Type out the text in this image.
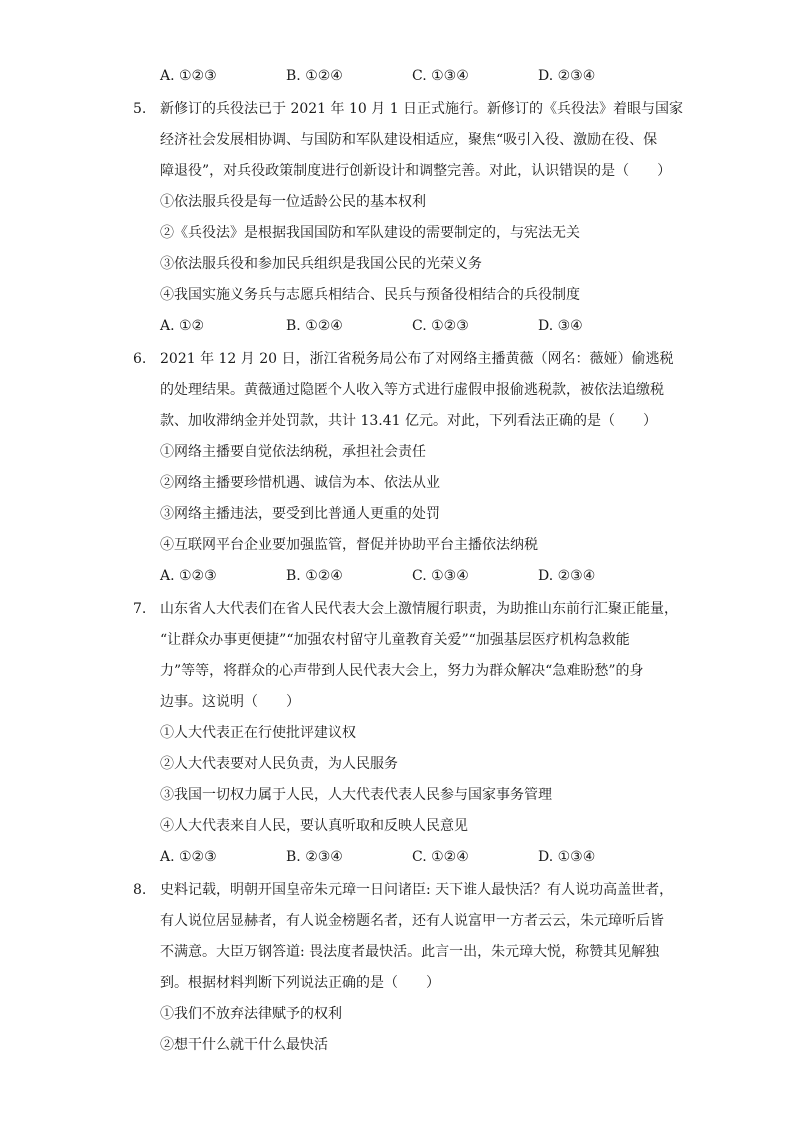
A. ①②③	B. ①②④	C. ①③④	D. ②③④
5. 新修订的兵役法已于 2021 年 10 月 1 日正式施行。新修订的《兵役法》着眼与国家
经济社会发展相协调、与国防和军队建设相适应，聚焦“吸引入役、激励在役、保
障退役”，对兵役政策制度进行创新设计和调整完善。对此，认识错误的是（　　）
①依法服兵役是每一位适龄公民的基本权利
②《兵役法》是根据我国国防和军队建设的需要制定的，与宪法无关
③依法服兵役和参加民兵组织是我国公民的光荣义务
④我国实施义务兵与志愿兵相结合、民兵与预备役相结合的兵役制度
A. ①②	B. ①②④	C. ①②③	D. ③④
6. 2021 年 12 月 20 日，浙江省税务局公布了对网络主播黄薇（网名：薇娅）偷逃税
的处理结果。黄薇通过隐匿个人收入等方式进行虚假申报偷逃税款，被依法追缴税
款、加收滞纳金并处罚款，共计 13.41 亿元。对此，下列看法正确的是（　　）
①网络主播要自觉依法纳税，承担社会责任
②网络主播要珍惜机遇、诚信为本、依法从业
③网络主播违法，要受到比普通人更重的处罚
④互联网平台企业要加强监管，督促并协助平台主播依法纳税
A. ①②③	B. ①②④	C. ①③④	D. ②③④
7. 山东省人大代表们在省人民代表大会上激情履行职责，为助推山东前行汇聚正能量，
“让群众办事更便捷”“加强农村留守儿童教育关爱”“加强基层医疗机构急救能
力”等等，将群众的心声带到人民代表大会上，努力为群众解决“急难盼愁”的身
边事。这说明（　　）
①人大代表正在行使批评建议权
②人大代表要对人民负责，为人民服务
③我国一切权力属于人民，人大代表代表人民参与国家事务管理
④人大代表来自人民，要认真听取和反映人民意见
A. ①②③	B. ②③④	C. ①②④	D. ①③④
8. 史料记载，明朝开国皇帝朱元璋一日问诸臣: 天下谁人最快活？有人说功高盖世者，
有人说位居显赫者，有人说金榜题名者，还有人说富甲一方者云云，朱元璋听后皆
不满意。大臣万钢答道: 畏法度者最快活。此言一出，朱元璋大悦，称赞其见解独
到。根据材料判断下列说法正确的是（　　）
①我们不放弃法律赋予的权利
②想干什么就干什么最快活
